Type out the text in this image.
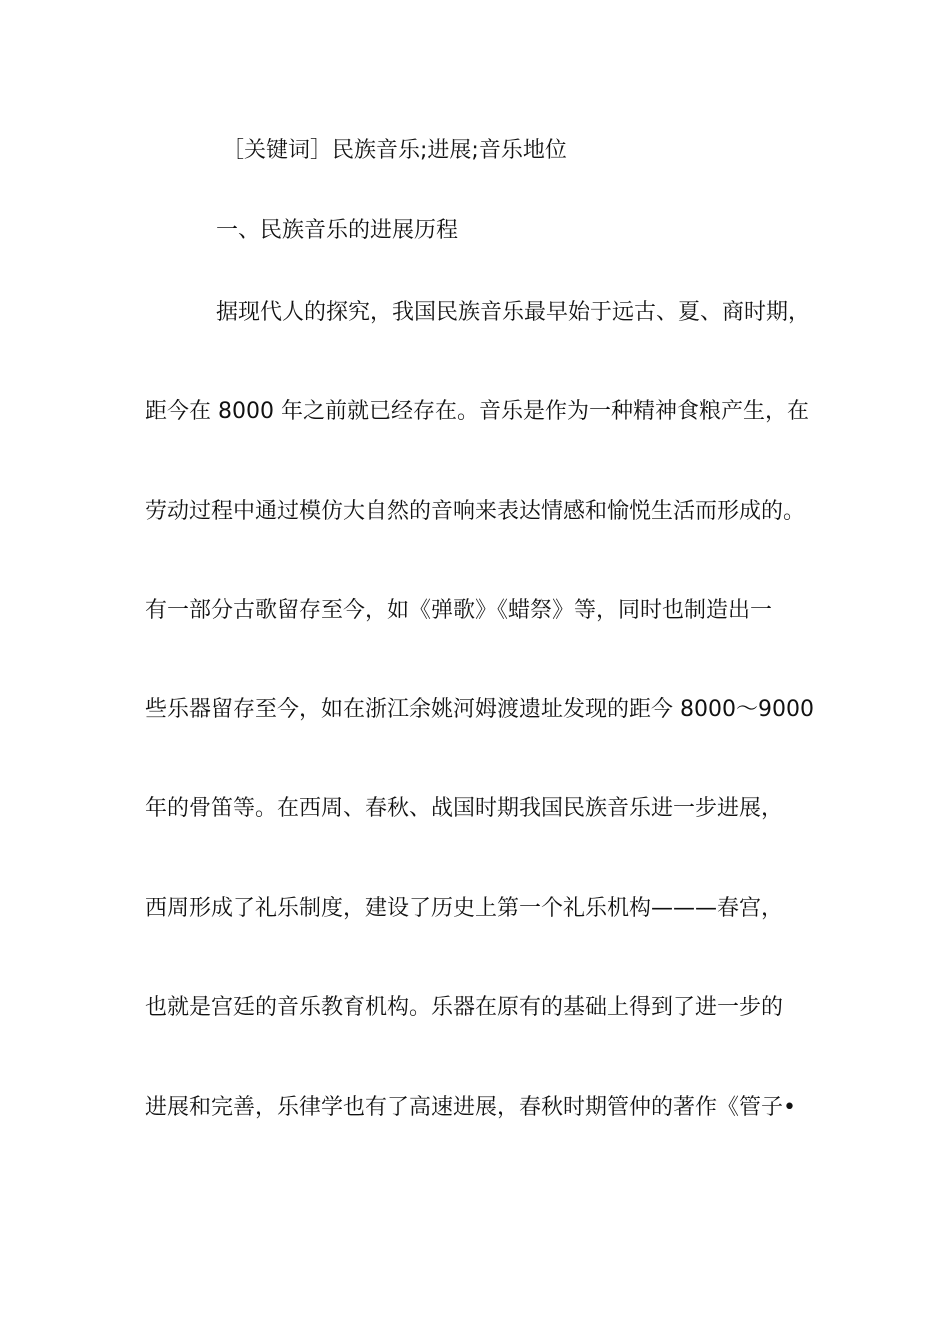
［关键词］民族音乐;进展;音乐地位
一、民族音乐的进展历程
据现代人的探究，我国民族音乐最早始于远古、夏、商时期，
距今在 8000 年之前就已经存在。音乐是作为一种精神食粮产生，在
劳动过程中通过模仿大自然的音响来表达情感和愉悦生活而形成的。
有一部分古歌留存至今，如《弹歌》《蜡祭》等，同时也制造出一
些乐器留存至今，如在浙江余姚河姆渡遗址发现的距今 8000～9000
年的骨笛等。在西周、春秋、战国时期我国民族音乐进一步进展，
西周形成了礼乐制度，建设了历史上第一个礼乐机构———春宫，
也就是宫廷的音乐教育机构。乐器在原有的基础上得到了进一步的
进展和完善，乐律学也有了高速进展，春秋时期管仲的著作《管子•
